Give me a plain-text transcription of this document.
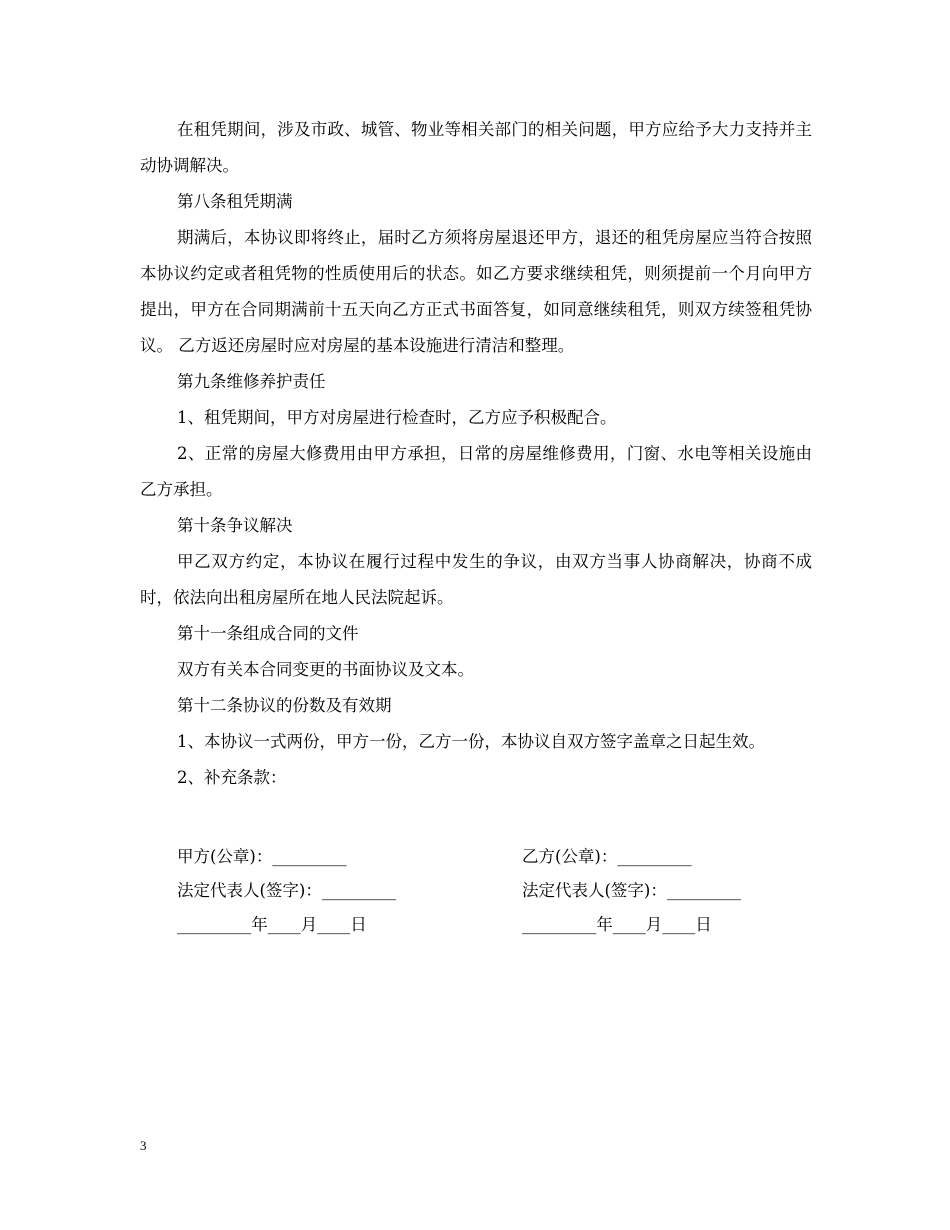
在租凭期间，涉及市政、城管、物业等相关部门的相关问题，甲方应给予大力支持并主动协调解决。

第八条租凭期满

期满后，本协议即将终止，届时乙方须将房屋退还甲方，退还的租凭房屋应当符合按照本协议约定或者租凭物的性质使用后的状态。如乙方要求继续租凭，则须提前一个月向甲方提出，甲方在合同期满前十五天向乙方正式书面答复，如同意继续租凭，则双方续签租凭协议。 乙方返还房屋时应对房屋的基本设施进行清洁和整理。

第九条维修养护责任

1、租凭期间，甲方对房屋进行检查时，乙方应予积极配合。

2、正常的房屋大修费用由甲方承担，日常的房屋维修费用，门窗、水电等相关设施由乙方承担。

第十条争议解决

甲乙双方约定，本协议在履行过程中发生的争议，由双方当事人协商解决，协商不成时，依法向出租房屋所在地人民法院起诉。

第十一条组成合同的文件

双方有关本合同变更的书面协议及文本。

第十二条协议的份数及有效期

1、本协议一式两份，甲方一份，乙方一份，本协议自双方签字盖章之日起生效。

2、补充条款：

甲方(公章)：_________	乙方(公章)：_________
法定代表人(签字)：_________	法定代表人(签字)：_________
_________年____月____日	_________年____月____日
3
